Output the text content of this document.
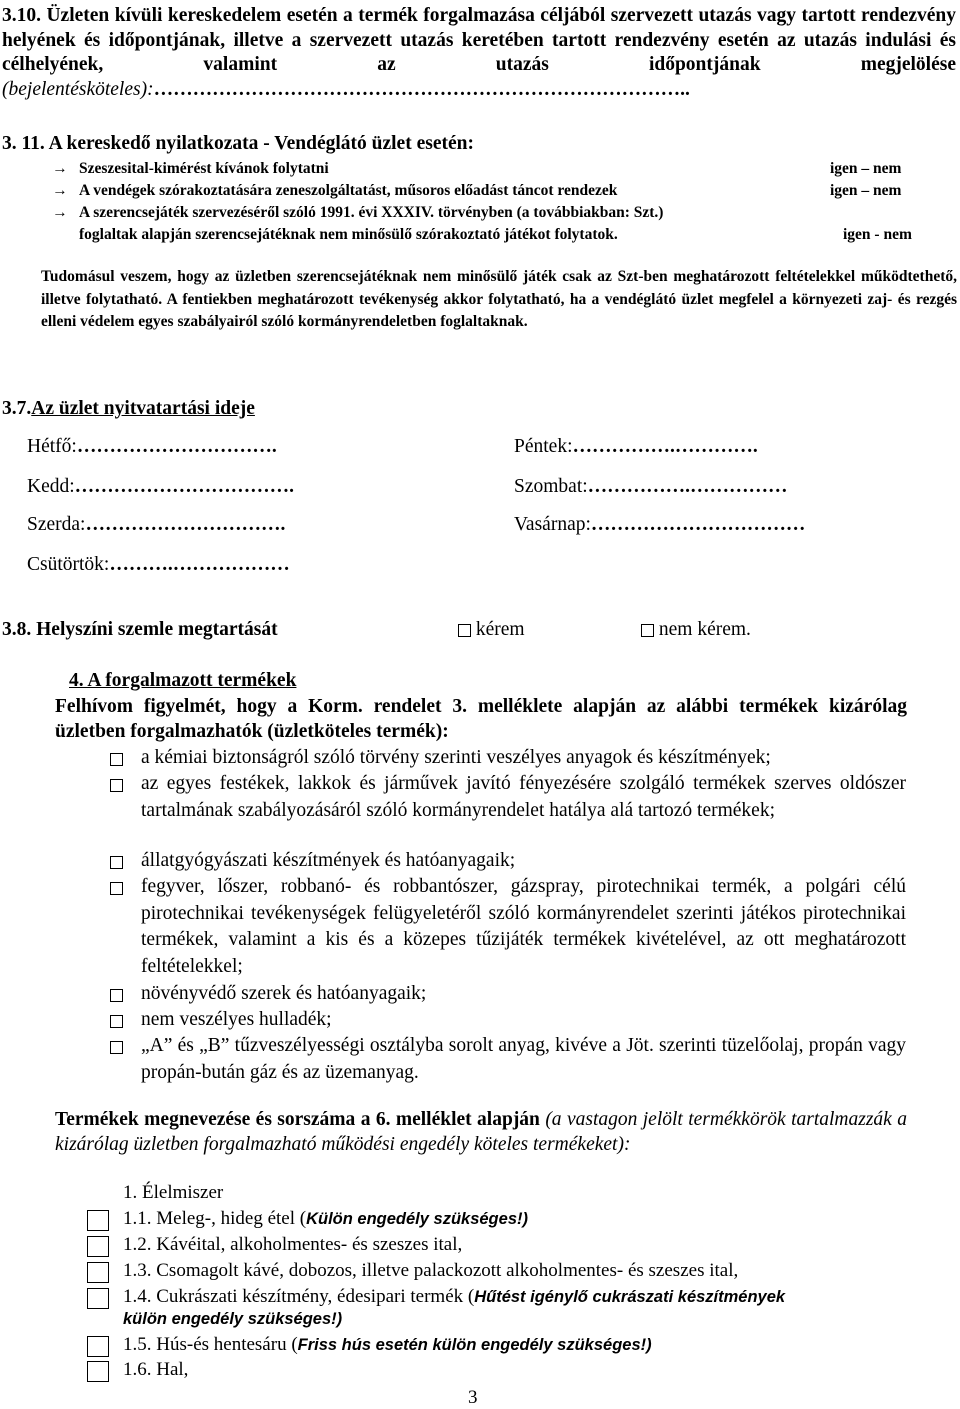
3.10. Üzleten kívüli kereskedelem esetén a termék forgalmazása céljából szervezett utazás vagy tartott rendezvény helyének és időpontjának, illetve a szervezett utazás keretében tartott rendezvény esetén az utazás indulási és célhelyének, valamint az utazás időpontjának megjelölése (bejelentésköteles):………………………………………………………………………..
3. 11. A kereskedő nyilatkozata - Vendéglátó üzlet esetén:
→ Szeszesital-kimérést kívánok folytatni	igen – nem
→ A vendégek szórakoztatására zeneszolgáltatást, műsoros előadást táncot rendezek	igen – nem
→ A szerencsejáték szervezéséről szóló 1991. évi XXXIV. törvényben (a továbbiakban: Szt.)
foglaltak alapján szerencsejátéknak nem minősülő szórakoztató játékot folytatok.	igen - nem
Tudomásul veszem, hogy az üzletben szerencsejátéknak nem minősülő játék csak az Szt-ben meghatározott feltételekkel működtethető, illetve folytatható. A fentiekben meghatározott tevékenység akkor folytatható, ha a vendéglátó üzlet megfelel a környezeti zaj- és rezgés elleni védelem egyes szabályairól szóló kormányrendeletben foglaltaknak.
3.7.Az üzlet nyitvatartási ideje
Hétfő:………………………….	Péntek:…………….………….
Kedd:…………………………….	Szombat:…………….……………
Szerda:………………………….	Vasárnap:……………………………
Csütörtök:……….………………
3.8. Helyszíni szemle megtartását	kérem	nem kérem.
4. A forgalmazott termékek
Felhívom figyelmét, hogy a Korm. rendelet 3. melléklete alapján az alábbi termékek kizárólag üzletben forgalmazhatók (üzletköteles termék):
a kémiai biztonságról szóló törvény szerinti veszélyes anyagok és készítmények;
az egyes festékek, lakkok és járművek javító fényezésére szolgáló termékek szerves oldószer tartalmának szabályozásáról szóló kormányrendelet hatálya alá tartozó termékek;
állatgyógyászati készítmények és hatóanyagaik;
fegyver, lőszer, robbanó- és robbantószer, gázspray, pirotechnikai termék, a polgári célú pirotechnikai tevékenységek felügyeletéről szóló kormányrendelet szerinti játékos pirotechnikai termékek, valamint a kis és a közepes tűzijáték termékek kivételével, az ott meghatározott feltételekkel;
növényvédő szerek és hatóanyagaik;
nem veszélyes hulladék;
„A” és „B” tűzveszélyességi osztályba sorolt anyag, kivéve a Jöt. szerinti tüzelőolaj, propán vagy propán-bután gáz és az üzemanyag.
Termékek megnevezése és sorszáma a 6. melléklet alapján (a vastagon jelölt termékkörök tartalmazzák a kizárólag üzletben forgalmazható működési engedély köteles termékeket):
1. Élelmiszer
1.1. Meleg-, hideg étel (Külön engedély szükséges!)
1.2. Kávéital, alkoholmentes- és szeszes ital,
1.3. Csomagolt kávé, dobozos, illetve palackozott alkoholmentes- és szeszes ital,
1.4. Cukrászati készítmény, édesipari termék (Hűtést igénylő cukrászati készítmények
külön engedély szükséges!)
1.5. Hús-és hentesáru (Friss hús esetén külön engedély szükséges!)
1.6. Hal,
3
